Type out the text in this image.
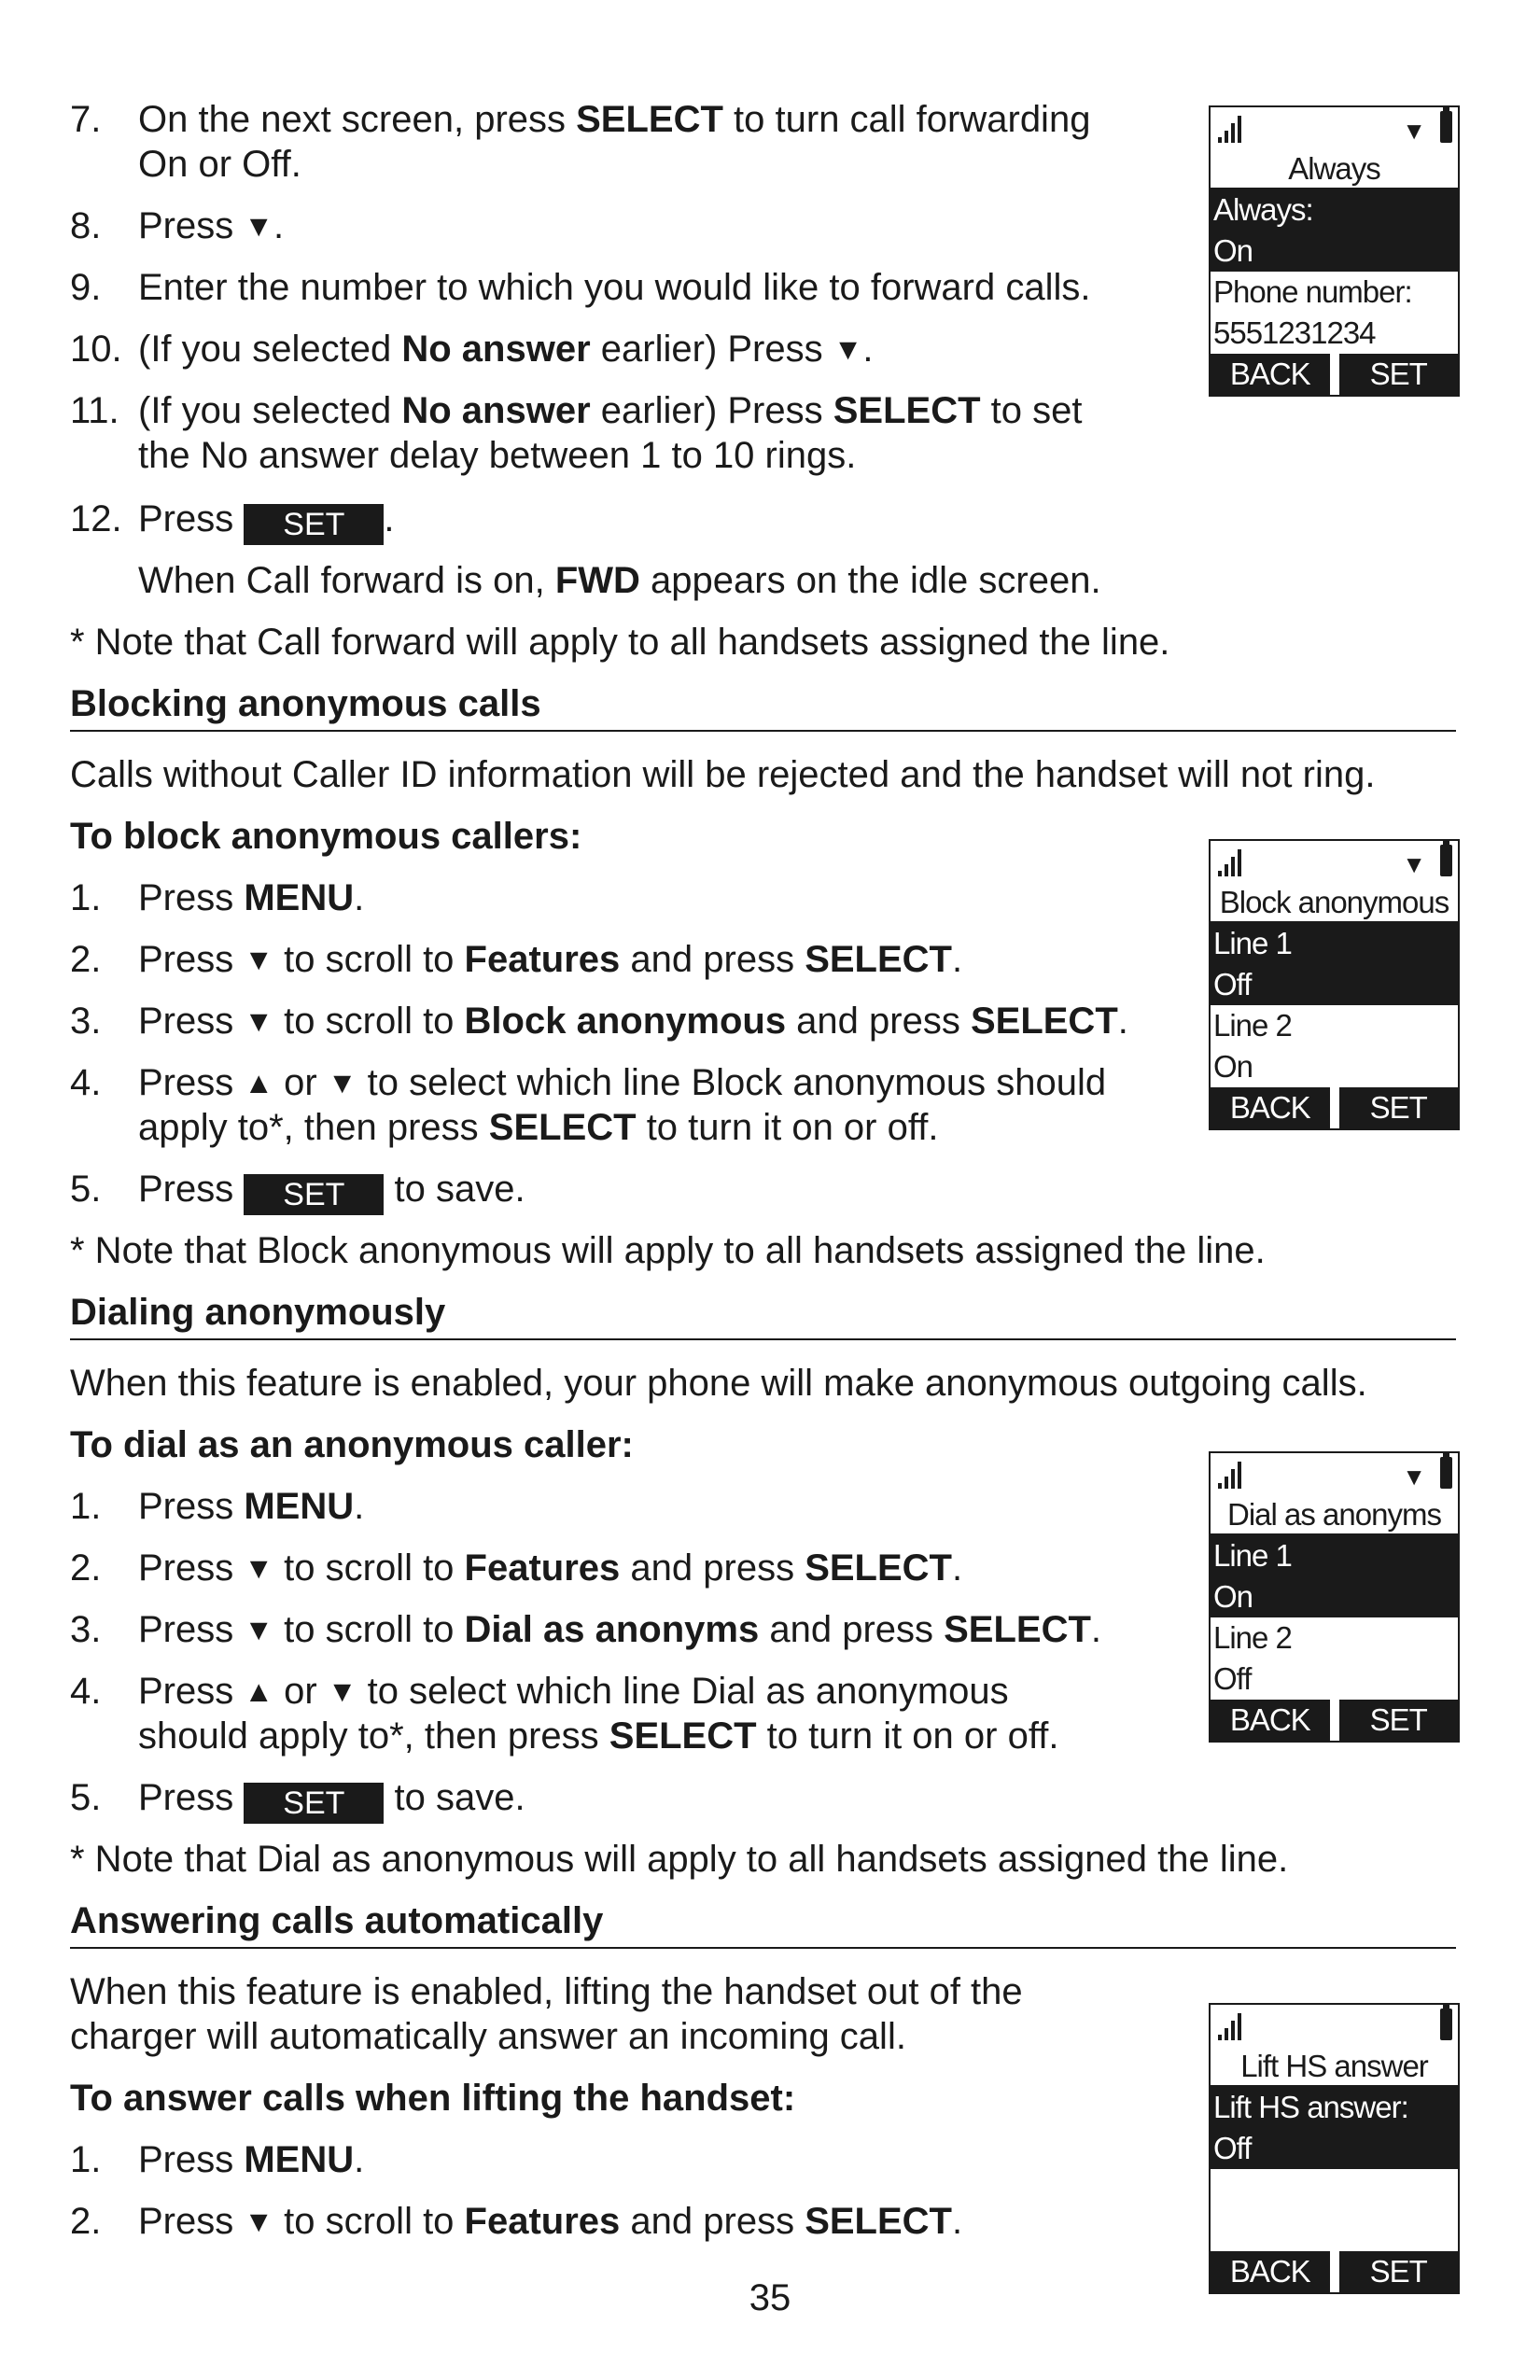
7. On the next screen, press SELECT to turn call forwarding
On or Off.
8. Press ▼.
9. Enter the number to which you would like to forward calls.
10. (If you selected No answer earlier) Press ▼.
11. (If you selected No answer earlier) Press SELECT to set
the No answer delay between 1 to 10 rings.
12. Press SET .
When Call forward is on, FWD appears on the idle screen.
* Note that Call forward will apply to all handsets assigned the line.
▼
Always
Always:
On
Phone number:
5551231234
BACK	SET
Blocking anonymous calls
Calls without Caller ID information will be rejected and the handset will not ring.
To block anonymous callers:
1. Press MENU.
2. Press ▼ to scroll to Features and press SELECT.
3. Press ▼ to scroll to Block anonymous and press SELECT.
4. Press ▲ or ▼ to select which line Block anonymous should
apply to*, then press SELECT to turn it on or off.
5. Press SET to save.
* Note that Block anonymous will apply to all handsets assigned the line.
▼
Block anonymous
Line 1
Off
Line 2
On
BACK	SET
Dialing anonymously
When this feature is enabled, your phone will make anonymous outgoing calls.
To dial as an anonymous caller:
1. Press MENU.
2. Press ▼ to scroll to Features and press SELECT.
3. Press ▼ to scroll to Dial as anonyms and press SELECT.
4. Press ▲ or ▼ to select which line Dial as anonymous
should apply to*, then press SELECT to turn it on or off.
5. Press SET to save.
* Note that Dial as anonymous will apply to all handsets assigned the line.
▼
Dial as anonyms
Line 1
On
Line 2
Off
BACK	SET
Answering calls automatically
When this feature is enabled, lifting the handset out of the
charger will automatically answer an incoming call.
To answer calls when lifting the handset:
1. Press MENU.
2. Press ▼ to scroll to Features and press SELECT.
Lift HS answer
Lift HS answer:
Off
BACK	SET
35
